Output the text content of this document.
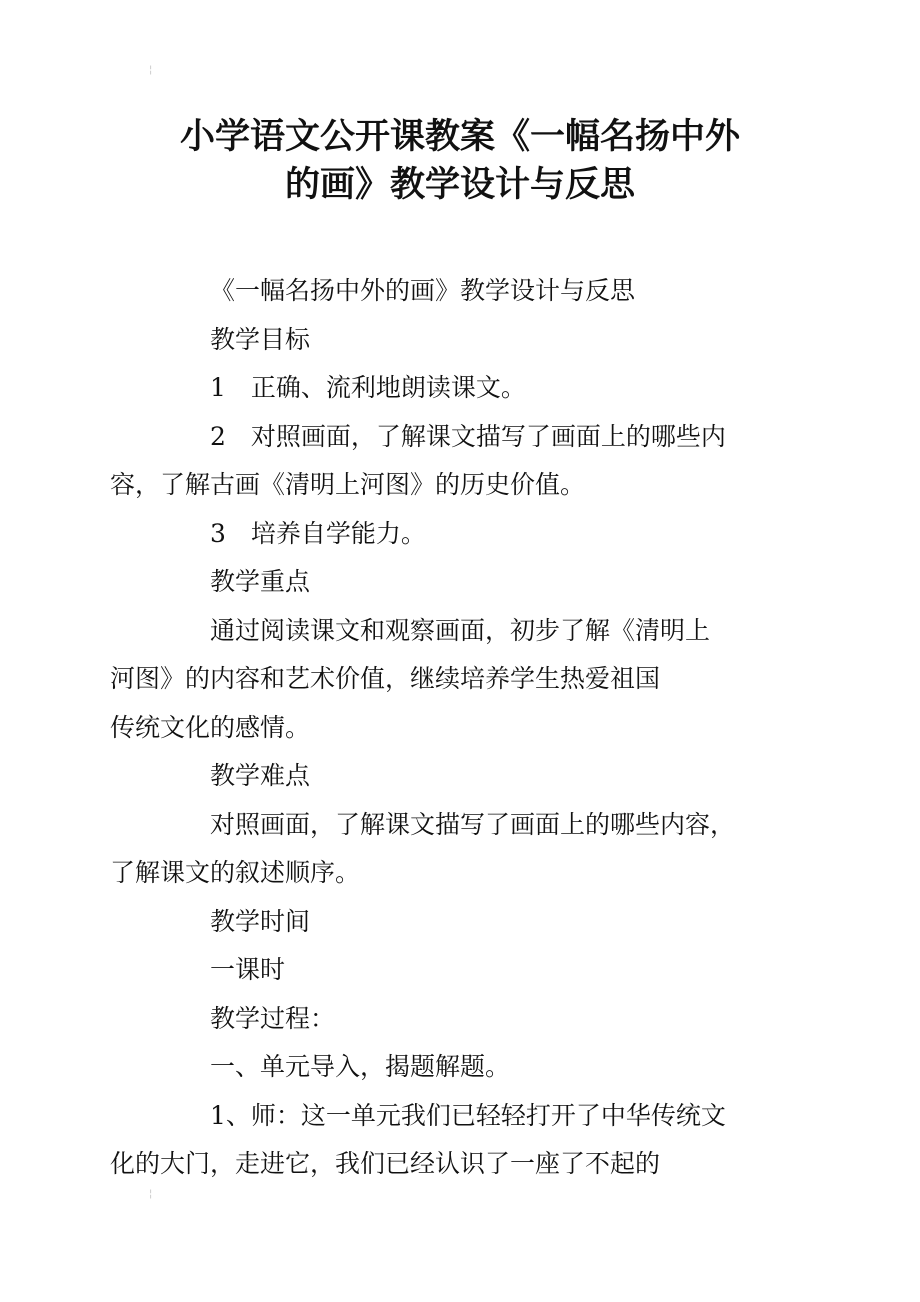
╎
╎
小学语文公开课教案《一幅名扬中外
的画》教学设计与反思

《一幅名扬中外的画》教学设计与反思

教学目标

1　正确、流利地朗读课文。

2　对照画面，了解课文描写了画面上的哪些内
容，了解古画《清明上河图》的历史价值。

3　培养自学能力。

教学重点

通过阅读课文和观察画面，初步了解《清明上
河图》的内容和艺术价值，继续培养学生热爱祖国
传统文化的感情。

教学难点

对照画面，了解课文描写了画面上的哪些内容，
了解课文的叙述顺序。

教学时间

一课时

教学过程：

一、单元导入，揭题解题。

1、师：这一单元我们已轻轻打开了中华传统文
化的大门，走进它，我们已经认识了一座了不起的
